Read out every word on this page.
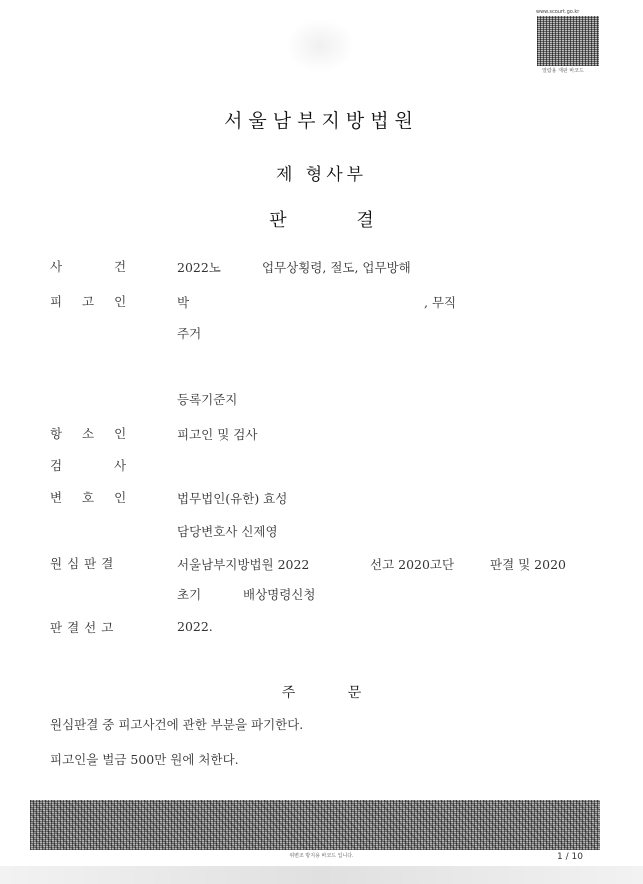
www.scourt.go.kr
열람용 재판 바코드
서울남부지방법원
제 형사부
판 결
사 건	2022노	업무상횡령, 절도, 업무방해
피 고 인	박	, 무직
주거
등록기준지
항 소 인	피고인 및 검사
검 사
변 호 인	법무법인(유한) 효성
담당변호사 신제영
원심판결	서울남부지방법원 2022	선고 2020고단	판결 및 2020
초기	배상명령신청
판결선고	2022.
주 문
원심판결 중 피고사건에 관한 부분을 파기한다.
피고인을 벌금 500만 원에 처한다.
위변조 방지용 바코드 입니다.	1 / 10
